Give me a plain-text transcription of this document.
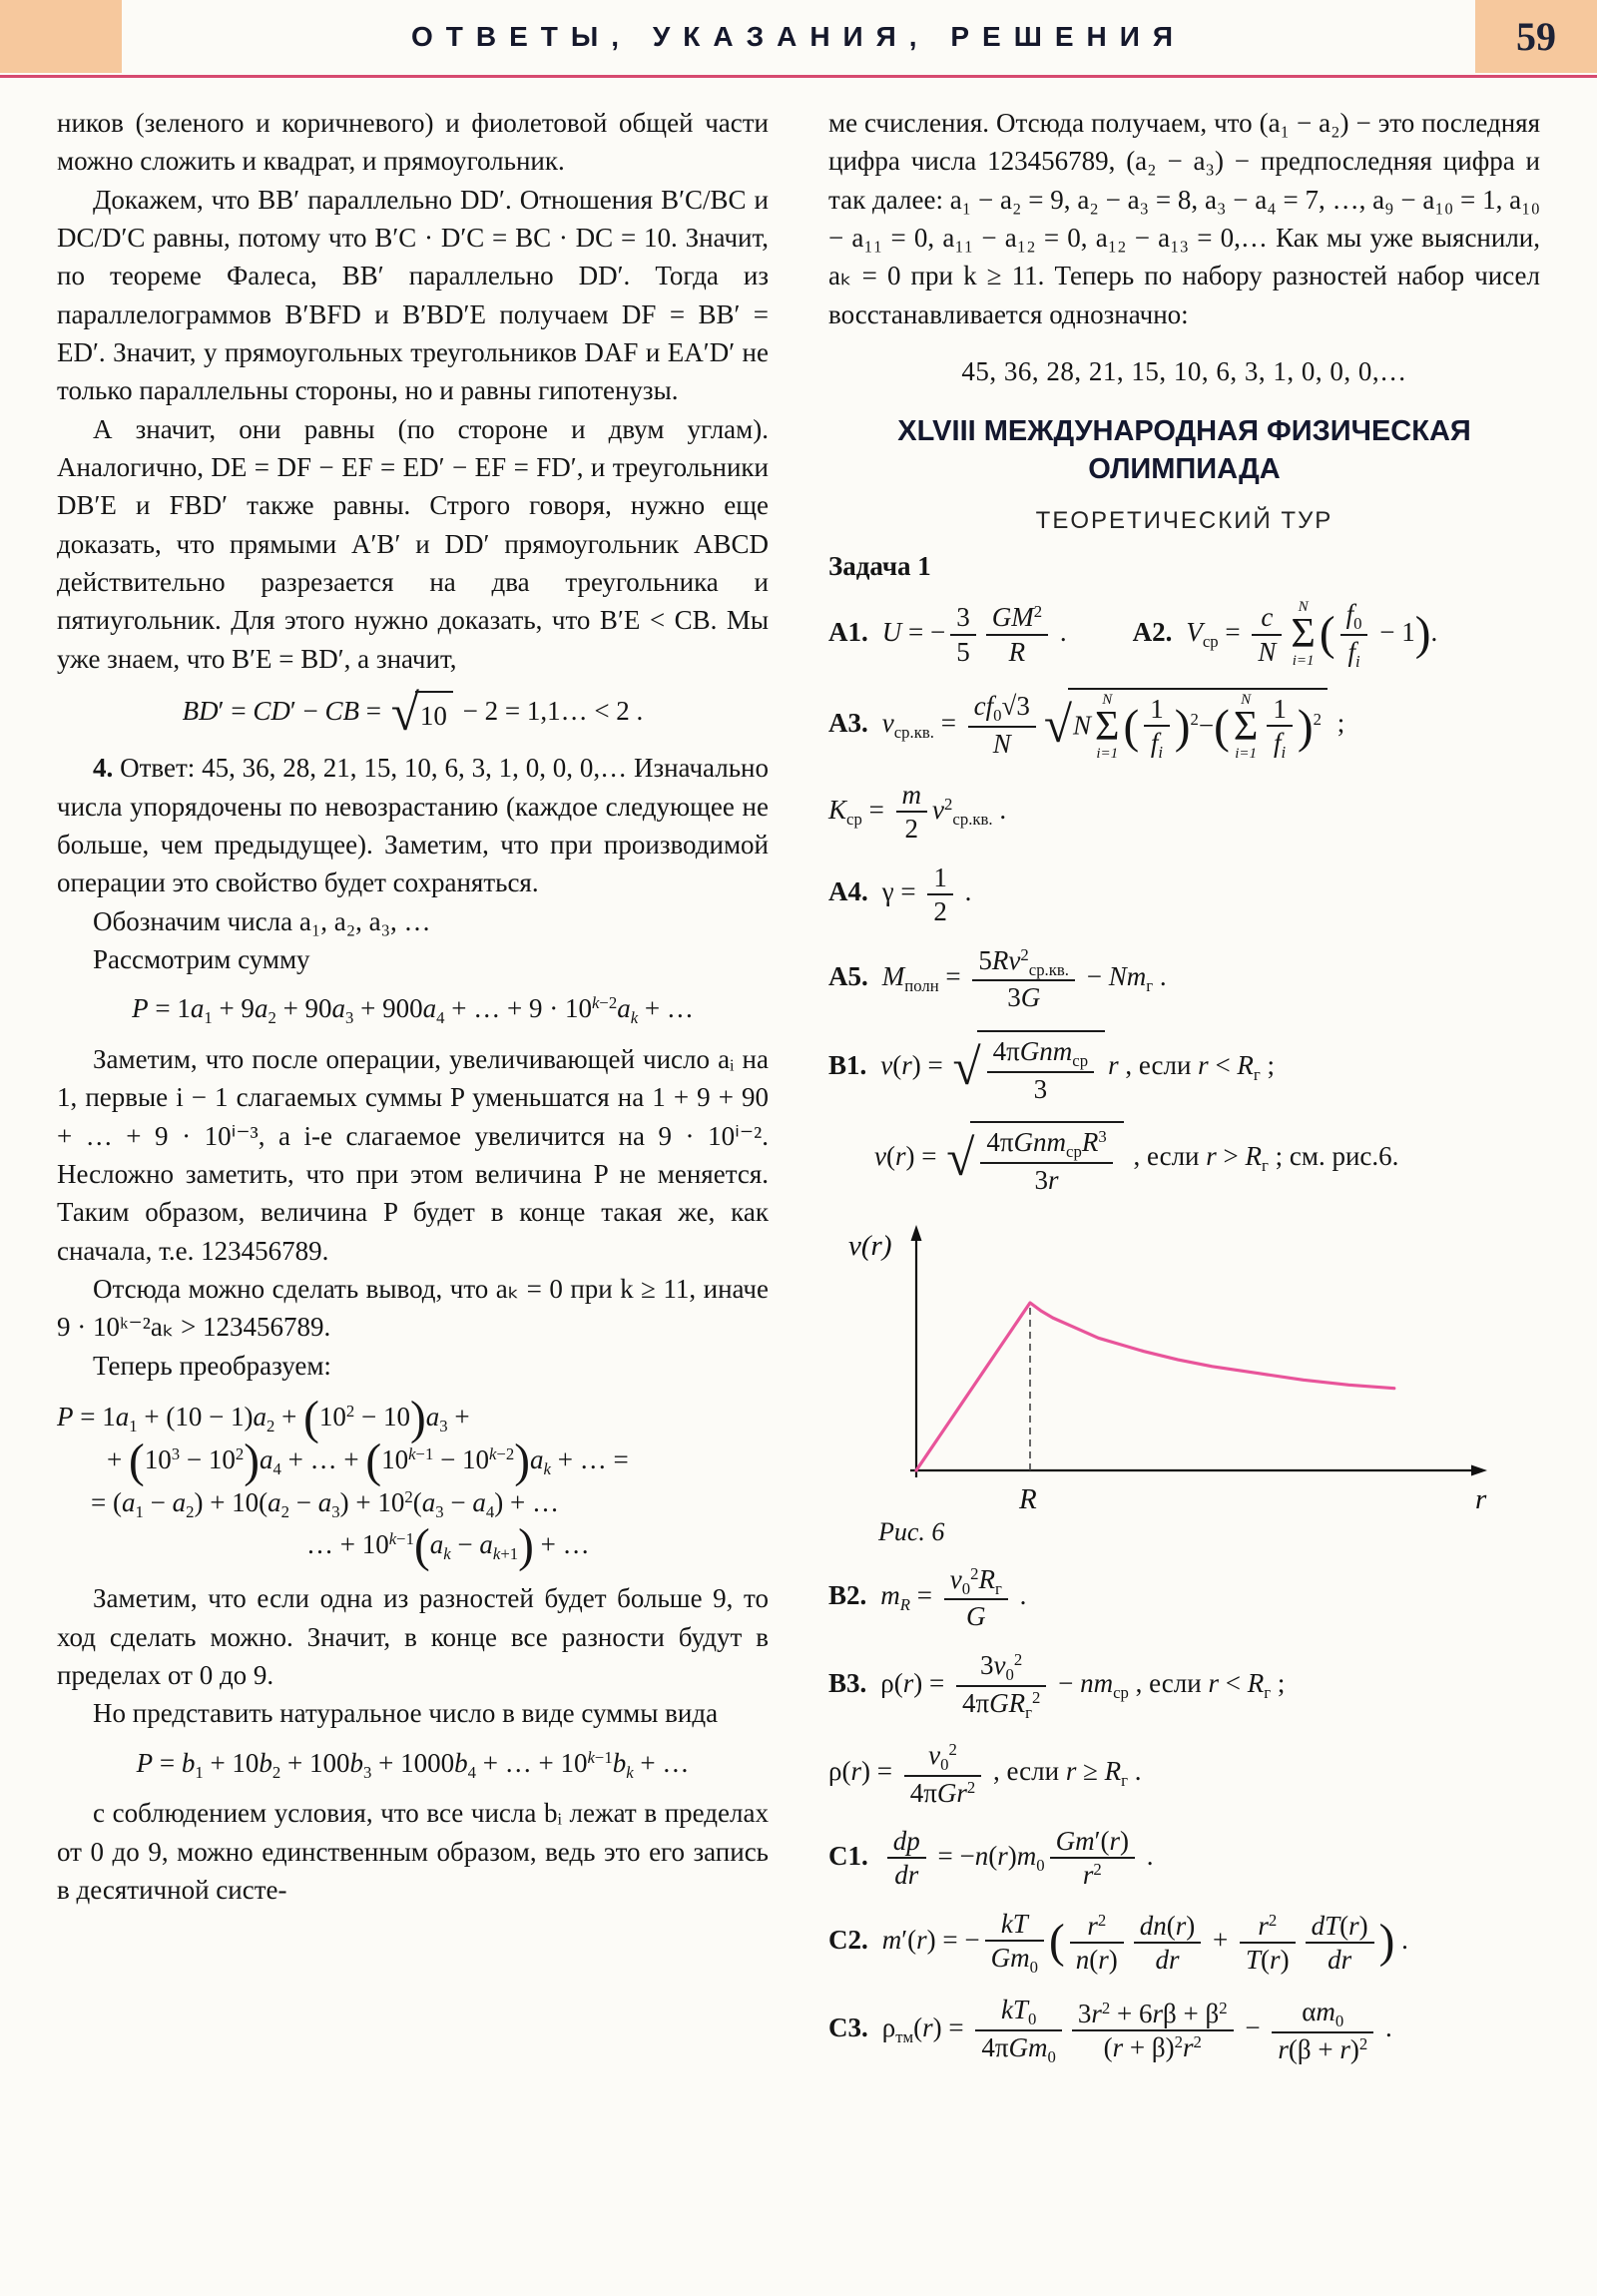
ОТВЕТЫ, УКАЗАНИЯ, РЕШЕНИЯ	59

ников (зеленого и коричневого) и фиолетовой общей части можно сложить и квадрат, и прямоугольник.

Докажем, что BB′ параллельно DD′. Отношения B′C/BC и DC/D′C равны, потому что B′C · D′C = BC · DC = 10. Значит, по теореме Фалеса, BB′ параллельно DD′. Тогда из параллелограммов B′BFD и B′BD′E получаем DF = BB′ = ED′. Значит, у прямоугольных треугольников DAF и EA′D′ не только параллельны стороны, но и равны гипотенузы.

А значит, они равны (по стороне и двум углам). Аналогично, DE = DF − EF = ED′ − EF = FD′, и треугольники DB′E и FBD′ также равны. Строго говоря, нужно еще доказать, что прямыми A′B′ и DD′ прямоугольник ABCD действительно разрезается на два треугольника и пятиугольник. Для этого нужно доказать, что B′E < CB. Мы уже знаем, что B′E = BD′, а значит,

BD′ = CD′ − CB = √ 10 − 2 = 1,1… < 2 .

4. Ответ: 45, 36, 28, 21, 15, 10, 6, 3, 1, 0, 0, 0,… Изначально числа упорядочены по невозрастанию (каждое следующее не больше, чем предыдущее). Заметим, что при производимой операции это свойство будет сохраняться.

Обозначим числа a₁, a₂, a₃, …

Рассмотрим сумму

$P = 1a_1 + 9a_2 + 90a_3 + 900a_4$ + … + $9 \cdot 10^{k-2}a_k$ + …

Заметим, что после операции, увеличивающей число aᵢ на 1, первые i − 1 слагаемых суммы P уменьшатся на 1 + 9 + 90 + … + 9 · 10ⁱ⁻³, а i-е слагаемое увеличится на 9 · 10ⁱ⁻². Несложно заметить, что при этом величина P не меняется. Таким образом, величина P будет в конце такая же, как сначала, т.е. 123456789.

Отсюда можно сделать вывод, что aₖ = 0 при k ≥ 11, иначе 9 · 10ᵏ⁻²aₖ > 123456789.

Теперь преобразуем:

$P = 1a_1 + (10 - 1)a_2 + (10^2 - 10)a_3$ +
+ $(10^3 - 10^2)a_4$ + … + $(10^{k-1} - 10^{k-2})a_k$ + … =
= $(a_1 - a_2) + 10(a_2 - a_3) + 10^2(a_3 - a_4)$ + …
… + $10^{k-1}(a_k - a_{k+1})$ + …

Заметим, что если одна из разностей будет больше 9, то ход сделать можно. Значит, в конце все разности будут в пределах от 0 до 9.

Но представить натуральное число в виде суммы вида

$P = b_1 + 10b_2 + 100b_3 + 1000b_4$ + … + $10^{k-1}b_k$ + …

с соблюдением условия, что все числа bᵢ лежат в пределах от 0 до 9, можно единственным образом, ведь это его запись в десятичной систе-

ме счисления. Отсюда получаем, что (a₁ − a₂) − это последняя цифра числа 123456789, (a₂ − a₃) − предпоследняя цифра и так далее: a₁ − a₂ = 9, a₂ − a₃ = 8, a₃ − a₄ = 7, …, a₉ − a₁₀ = 1, a₁₀ − a₁₁ = 0, a₁₁ − a₁₂ = 0, a₁₂ − a₁₃ = 0,… Как мы уже выяснили, aₖ = 0 при k ≥ 11. Теперь по набору разностей набор чисел восстанавливается однозначно:

45, 36, 28, 21, 15, 10, 6, 3, 1, 0, 0, 0,…
XLVIII МЕЖДУНАРОДНАЯ ФИЗИЧЕСКАЯ ОЛИМПИАДА
ТЕОРЕТИЧЕСКИЙ ТУР
Задача 1
А1. U = − $\frac{3}{5} \frac{GM^2}{R}$ . А2. $V_{ср} = \frac{c}{N}$ N
Σ
i=1
( $\frac{f_0}{f_i} - 1$).
А3. $v_{ср.кв.} = \frac{cf_0√3}{N}$ √ N
N
Σ
i=1
( $\frac{1}{f_i} )^2-$(
N
Σ
$i=1 \frac{1}{f_i} )^2$ ;
$K_{ср} = \frac{m}{2} v^2_{ср.кв.}$ .
А4. $\gamma = \frac{1}{2}$ .
А5. $M_{полн} = \frac{5Rv^2_{ср.кв.}}{3G} - Nm_г$ .
В1. v(r) = √ $\frac{4\pi Gnm_{ср}}{3}$ r , если $r < R_г$ ;
v(r) = √ $\frac{4\pi Gnm_{ср}R^3}{3r}$ , если $r > R_г$ ; см. рис.6.
v(r)
r
R
Рис. 6
В2. $m_R = \frac{v_0^2R_г}{G}$ .
В3. $\rho(r) = \frac{3v_0^2}{4\pi GR_г^2} - nm_{ср}$ , если $r < R_г$ ;
$\rho(r) = \frac{v_0^2}{4\pi Gr^2}$ , если $r \ge R_г$ .
С1. $\frac{dp}{dr} = -n(r)m_0 \frac{Gm'(r)}{r^2}$ .
С2. m′(r) = − $\frac{kT}{Gm_0}$ ( $\frac{r^2}{n(r)} \frac{dn(r)}{dr} + \frac{r^2}{T(r)} \frac{dT(r)}{dr}$ ) .
С3. $\rho_{тм}(r) = \frac{kT_0}{4\pi Gm_0} \frac{3r^2 + 6r\beta + \beta^2}{(r + \beta)^2r^2} - \frac{\alpha m_0}{r(\beta + r)^2}$ .
